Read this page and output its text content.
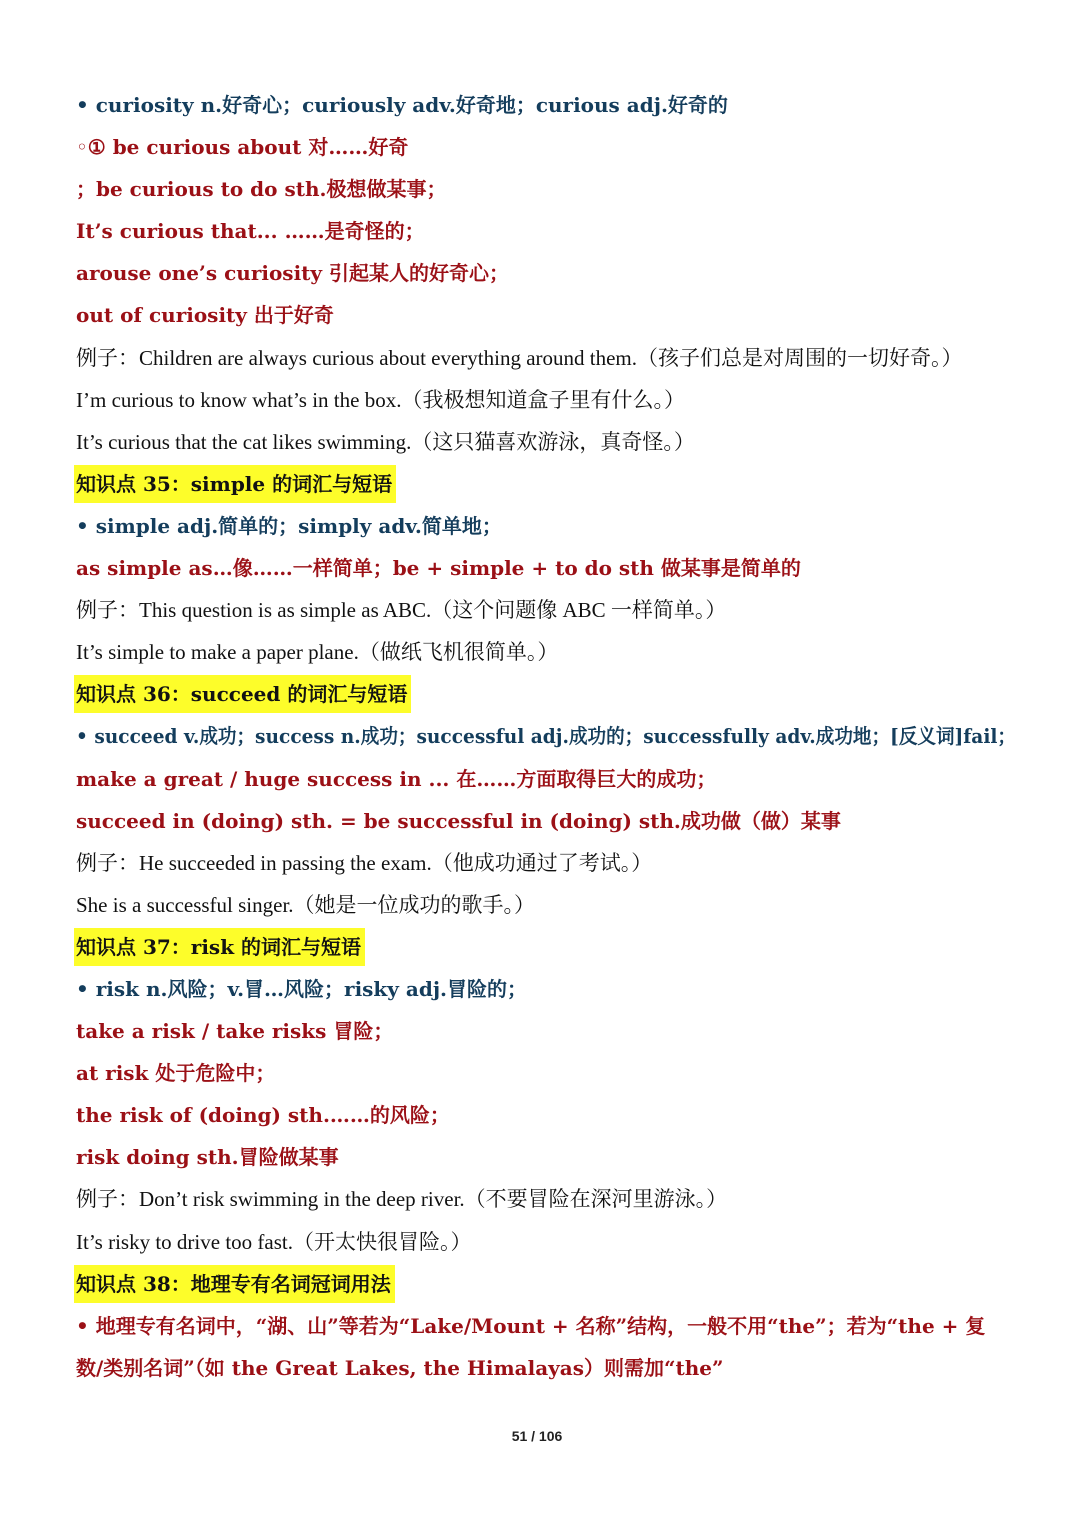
• curiosity n.好奇心；curiously adv.好奇地；curious adj.好奇的
◦① be curious about 对……好奇
；be curious to do sth.极想做某事；
It’s curious that... ……是奇怪的；
arouse one’s curiosity 引起某人的好奇心；
out of curiosity 出于好奇
例子：Children are always curious about everything around them.（孩子们总是对周围的一切好奇。）
I’m curious to know what’s in the box.（我极想知道盒子里有什么。）
It’s curious that the cat likes swimming.（这只猫喜欢游泳，真奇怪。）
知识点 35：simple 的词汇与短语
• simple adj.简单的；simply adv.简单地；
as simple as…像……一样简单；be + simple + to do sth 做某事是简单的
例子：This question is as simple as ABC.（这个问题像 ABC 一样简单。）
It’s simple to make a paper plane.（做纸飞机很简单。）
知识点 36：succeed 的词汇与短语
• succeed v.成功；success n.成功；successful adj.成功的；successfully adv.成功地；[反义词]fail；
make a great / huge success in ... 在……方面取得巨大的成功；
succeed in (doing) sth. = be successful in (doing) sth.成功做（做）某事
例子：He succeeded in passing the exam.（他成功通过了考试。）
She is a successful singer.（她是一位成功的歌手。）
知识点 37：risk 的词汇与短语
• risk n.风险；v.冒…风险；risky adj.冒险的；
take a risk / take risks 冒险；
at risk 处于危险中；
the risk of (doing) sth.……的风险；
risk doing sth.冒险做某事
例子：Don’t risk swimming in the deep river.（不要冒险在深河里游泳。）
It’s risky to drive too fast.（开太快很冒险。）
知识点 38：地理专有名词冠词用法
• 地理专有名词中，“湖、山”等若为“Lake/Mount + 名称”结构，一般不用“the”；若为“the + 复
数/类别名词”（如 the Great Lakes, the Himalayas）则需加“the”
51 / 106
